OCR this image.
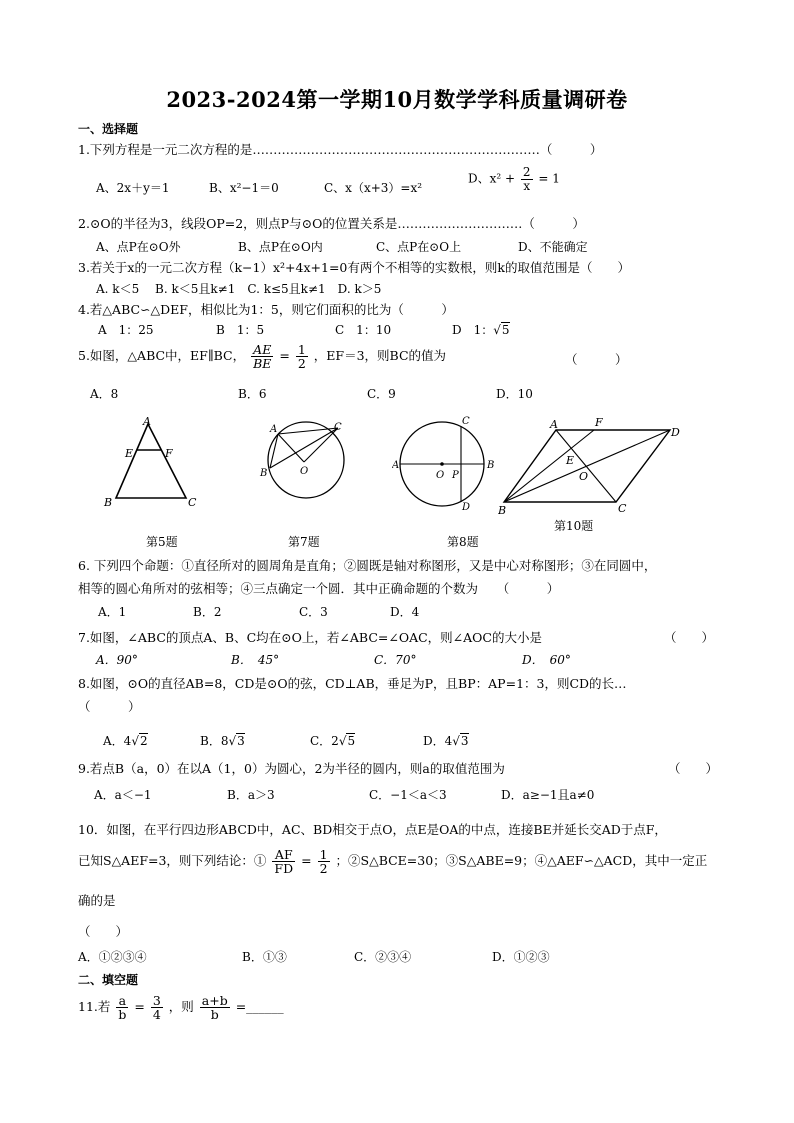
2023-2024第一学期10月数学学科质量调研卷
一、选择题
1.下列方程是一元二次方程的是……………………………………………………………（　　　）
A、2x＋y＝1	B、x²−1＝0	C、x（x+3）=x²
D、$x^2 + \frac{2}{x} = 1$
2.⊙O的半径为3，线段OP=2，则点P与⊙O的位置关系是…………………………（　　　）
A、点P在⊙O外	B、点P在⊙O内	C、点P在⊙O上	D、不能确定
3.若关于x的一元二次方程（k−1）x²+4x+1=0有两个不相等的实数根，则k的取值范围是（　　）
A. k＜5　 B. k＜5且k≠1　C. k≤5且k≠1　D. k＞5
4.若△ABC∽△DEF，相似比为1：5，则它们面积的比为（　　　）
A　1：25	B　1：5	C　1：10	D　1：√5
5.如图，△ABC中，EF∥BC， $\frac{AE}{BE} = \frac{1}{2}$ ，EF＝3，则BC的值为	（　　　）
A．8	B．6	C．9	D．10
A
E	F
B	C
第5题
A
B
C
O
第7题
A	B
C
D
O P
第8题
A	F
D
E
O
B	C
第10题
6. 下列四个命题：①直径所对的圆周角是直角；②圆既是轴对称图形，又是中心对称图形；③在同圆中，
相等的圆心角所对的弦相等；④三点确定一个圆．其中正确命题的个数为　　（　　　）
A．1	B．2	C．3	D．4
7.如图，∠ABC的顶点A、B、C均在⊙O上，若∠ABC=∠OAC，则∠AOC的大小是	（　　）
A．90°	B．　45°	C．70°	D．　60°
8.如图，⊙O的直径AB=8，CD是⊙O的弦，CD⊥AB，垂足为P，且BP：AP=1：3，则CD的长…
（　　　）
A．4√2	B．8√3	C．2√5	D．4√3
9.若点B（a，0）在以A（1，0）为圆心，2为半径的圆内，则a的取值范围为	（　　）
A．a＜−1	B．a＞3	C．−1＜a＜3	D．a≥−1且a≠0
10．如图，在平行四边形ABCD中，AC、BD相交于点O，点E是OA的中点，连接BE并延长交AD于点F，
已知S△AEF=3，则下列结论：① $\frac{AF}{FD} = \frac{1}{2}$ ；②S△BCE=30；③S△ABE=9；④△AEF∽△ACD，其中一定正
确的是
（　　）
A．①②③④	B．①③	C．②③④	D．①②③
二、填空题
11.若 $\frac{a}{b} = \frac{3}{4}$ ，则 $\frac{a+b}{b}$ =______
